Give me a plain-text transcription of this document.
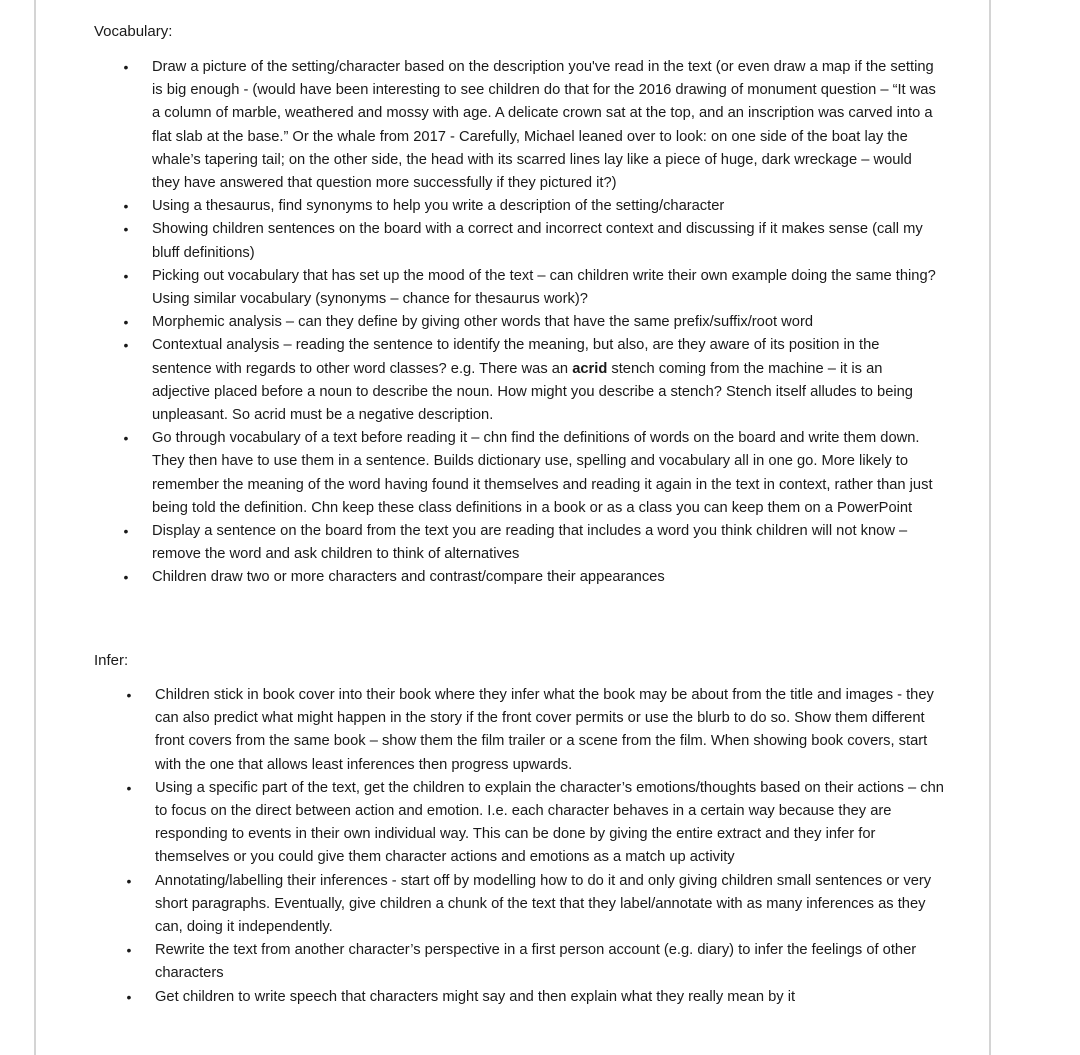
Vocabulary:
•	Draw a picture of the setting/character based on the description you've read in the text (or even draw a map if the setting is big enough - (would have been interesting to see children do that for the 2016 drawing of monument question – “It was a column of marble, weathered and mossy with age. A delicate crown sat at the top, and an inscription was carved into a flat slab at the base.” Or the whale from 2017 - Carefully, Michael leaned over to look: on one side of the boat lay the whale’s tapering tail; on the other side, the head with its scarred lines lay like a piece of huge, dark wreckage – would they have answered that question more successfully if they pictured it?)
•	Using a thesaurus, find synonyms to help you write a description of the setting/character
•	Showing children sentences on the board with a correct and incorrect context and discussing if it makes sense (call my bluff definitions)
•	Picking out vocabulary that has set up the mood of the text – can children write their own example doing the same thing? Using similar vocabulary (synonyms – chance for thesaurus work)?
•	Morphemic analysis – can they define by giving other words that have the same prefix/suffix/root word
•	Contextual analysis – reading the sentence to identify the meaning, but also, are they aware of its position in the sentence with regards to other word classes? e.g. There was an acrid stench coming from the machine – it is an adjective placed before a noun to describe the noun. How might you describe a stench? Stench itself alludes to being unpleasant. So acrid must be a negative description.
•	Go through vocabulary of a text before reading it – chn find the definitions of words on the board and write them down. They then have to use them in a sentence. Builds dictionary use, spelling and vocabulary all in one go. More likely to remember the meaning of the word having found it themselves and reading it again in the text in context, rather than just being told the definition. Chn keep these class definitions in a book or as a class you can keep them on a PowerPoint
•	Display a sentence on the board from the text you are reading that includes a word you think children will not know – remove the word and ask children to think of alternatives
•	Children draw two or more characters and contrast/compare their appearances
Infer:
•	Children stick in book cover into their book where they infer what the book may be about from the title and images - they can also predict what might happen in the story if the front cover permits or use the blurb to do so. Show them different front covers from the same book – show them the film trailer or a scene from the film. When showing book covers, start with the one that allows least inferences then progress upwards.
•	Using a specific part of the text, get the children to explain the character’s emotions/thoughts based on their actions – chn to focus on the direct between action and emotion. I.e. each character behaves in a certain way because they are responding to events in their own individual way. This can be done by giving the entire extract and they infer for themselves or you could give them character actions and emotions as a match up activity
•	Annotating/labelling their inferences - start off by modelling how to do it and only giving children small sentences or very short paragraphs. Eventually, give children a chunk of the text that they label/annotate with as many inferences as they can, doing it independently.
•	Rewrite the text from another character’s perspective in a first person account (e.g. diary) to infer the feelings of other characters
•	Get children to write speech that characters might say and then explain what they really mean by it
